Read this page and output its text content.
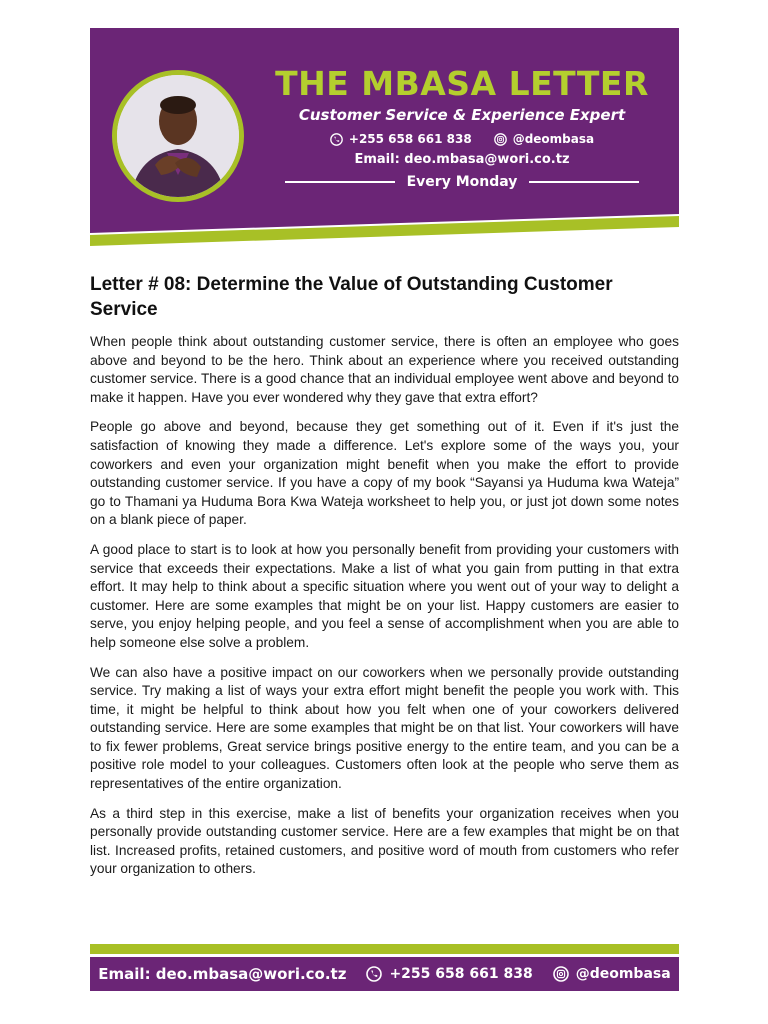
THE MBASA LETTER
Customer Service & Experience Expert
+255 658 661 838	@deombasa
Email: deo.mbasa@wori.co.tz
Every Monday
Letter # 08: Determine the Value of Outstanding Customer Service

When people think about outstanding customer service, there is often an employee who goes above and beyond to be the hero. Think about an experience where you received outstanding customer service. There is a good chance that an individual employee went above and beyond to make it happen. Have you ever wondered why they gave that extra effort?

People go above and beyond, because they get something out of it. Even if it's just the satisfaction of knowing they made a difference. Let's explore some of the ways you, your coworkers and even your organization might benefit when you make the effort to provide outstanding customer service. If you have a copy of my book “Sayansi ya Huduma kwa Wateja” go to Thamani ya Huduma Bora Kwa Wateja worksheet to help you, or just jot down some notes on a blank piece of paper.

A good place to start is to look at how you personally benefit from providing your customers with service that exceeds their expectations. Make a list of what you gain from putting in that extra effort. It may help to think about a specific situation where you went out of your way to delight a customer. Here are some examples that might be on your list. Happy customers are easier to serve, you enjoy helping people, and you feel a sense of accomplishment when you are able to help someone else solve a problem.

We can also have a positive impact on our coworkers when we personally provide outstanding service. Try making a list of ways your extra effort might benefit the people you work with. This time, it might be helpful to think about how you felt when one of your coworkers delivered outstanding service. Here are some examples that might be on that list. Your coworkers will have to fix fewer problems, Great service brings positive energy to the entire team, and you can be a positive role model to your colleagues. Customers often look at the people who serve them as representatives of the entire organization.

As a third step in this exercise, make a list of benefits your organization receives when you personally provide outstanding customer service. Here are a few examples that might be on that list. Increased profits, retained customers, and positive word of mouth from customers who refer your organization to others.

Email: deo.mbasa@wori.co.tz	+255 658 661 838	@deombasa
